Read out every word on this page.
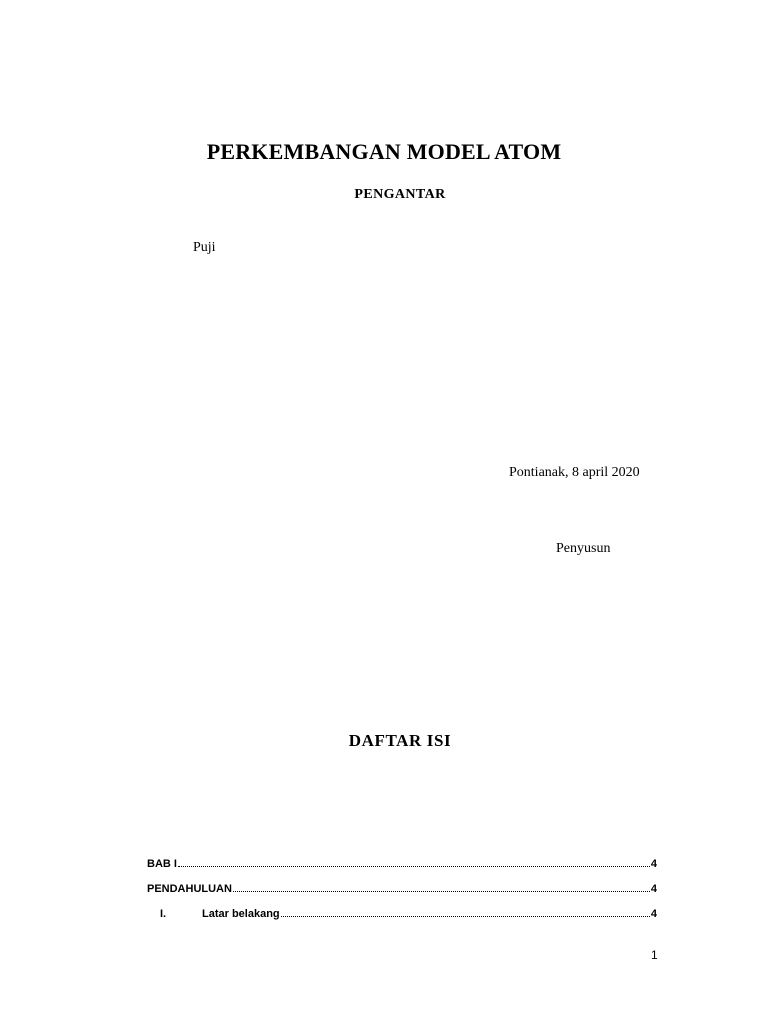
PERKEMBANGAN MODEL ATOM
PENGANTAR
Puji
Pontianak, 8 april 2020
Penyusun
DAFTAR ISI
BAB I	4
PENDAHULUAN	4
I.	Latar belakang	4
1
